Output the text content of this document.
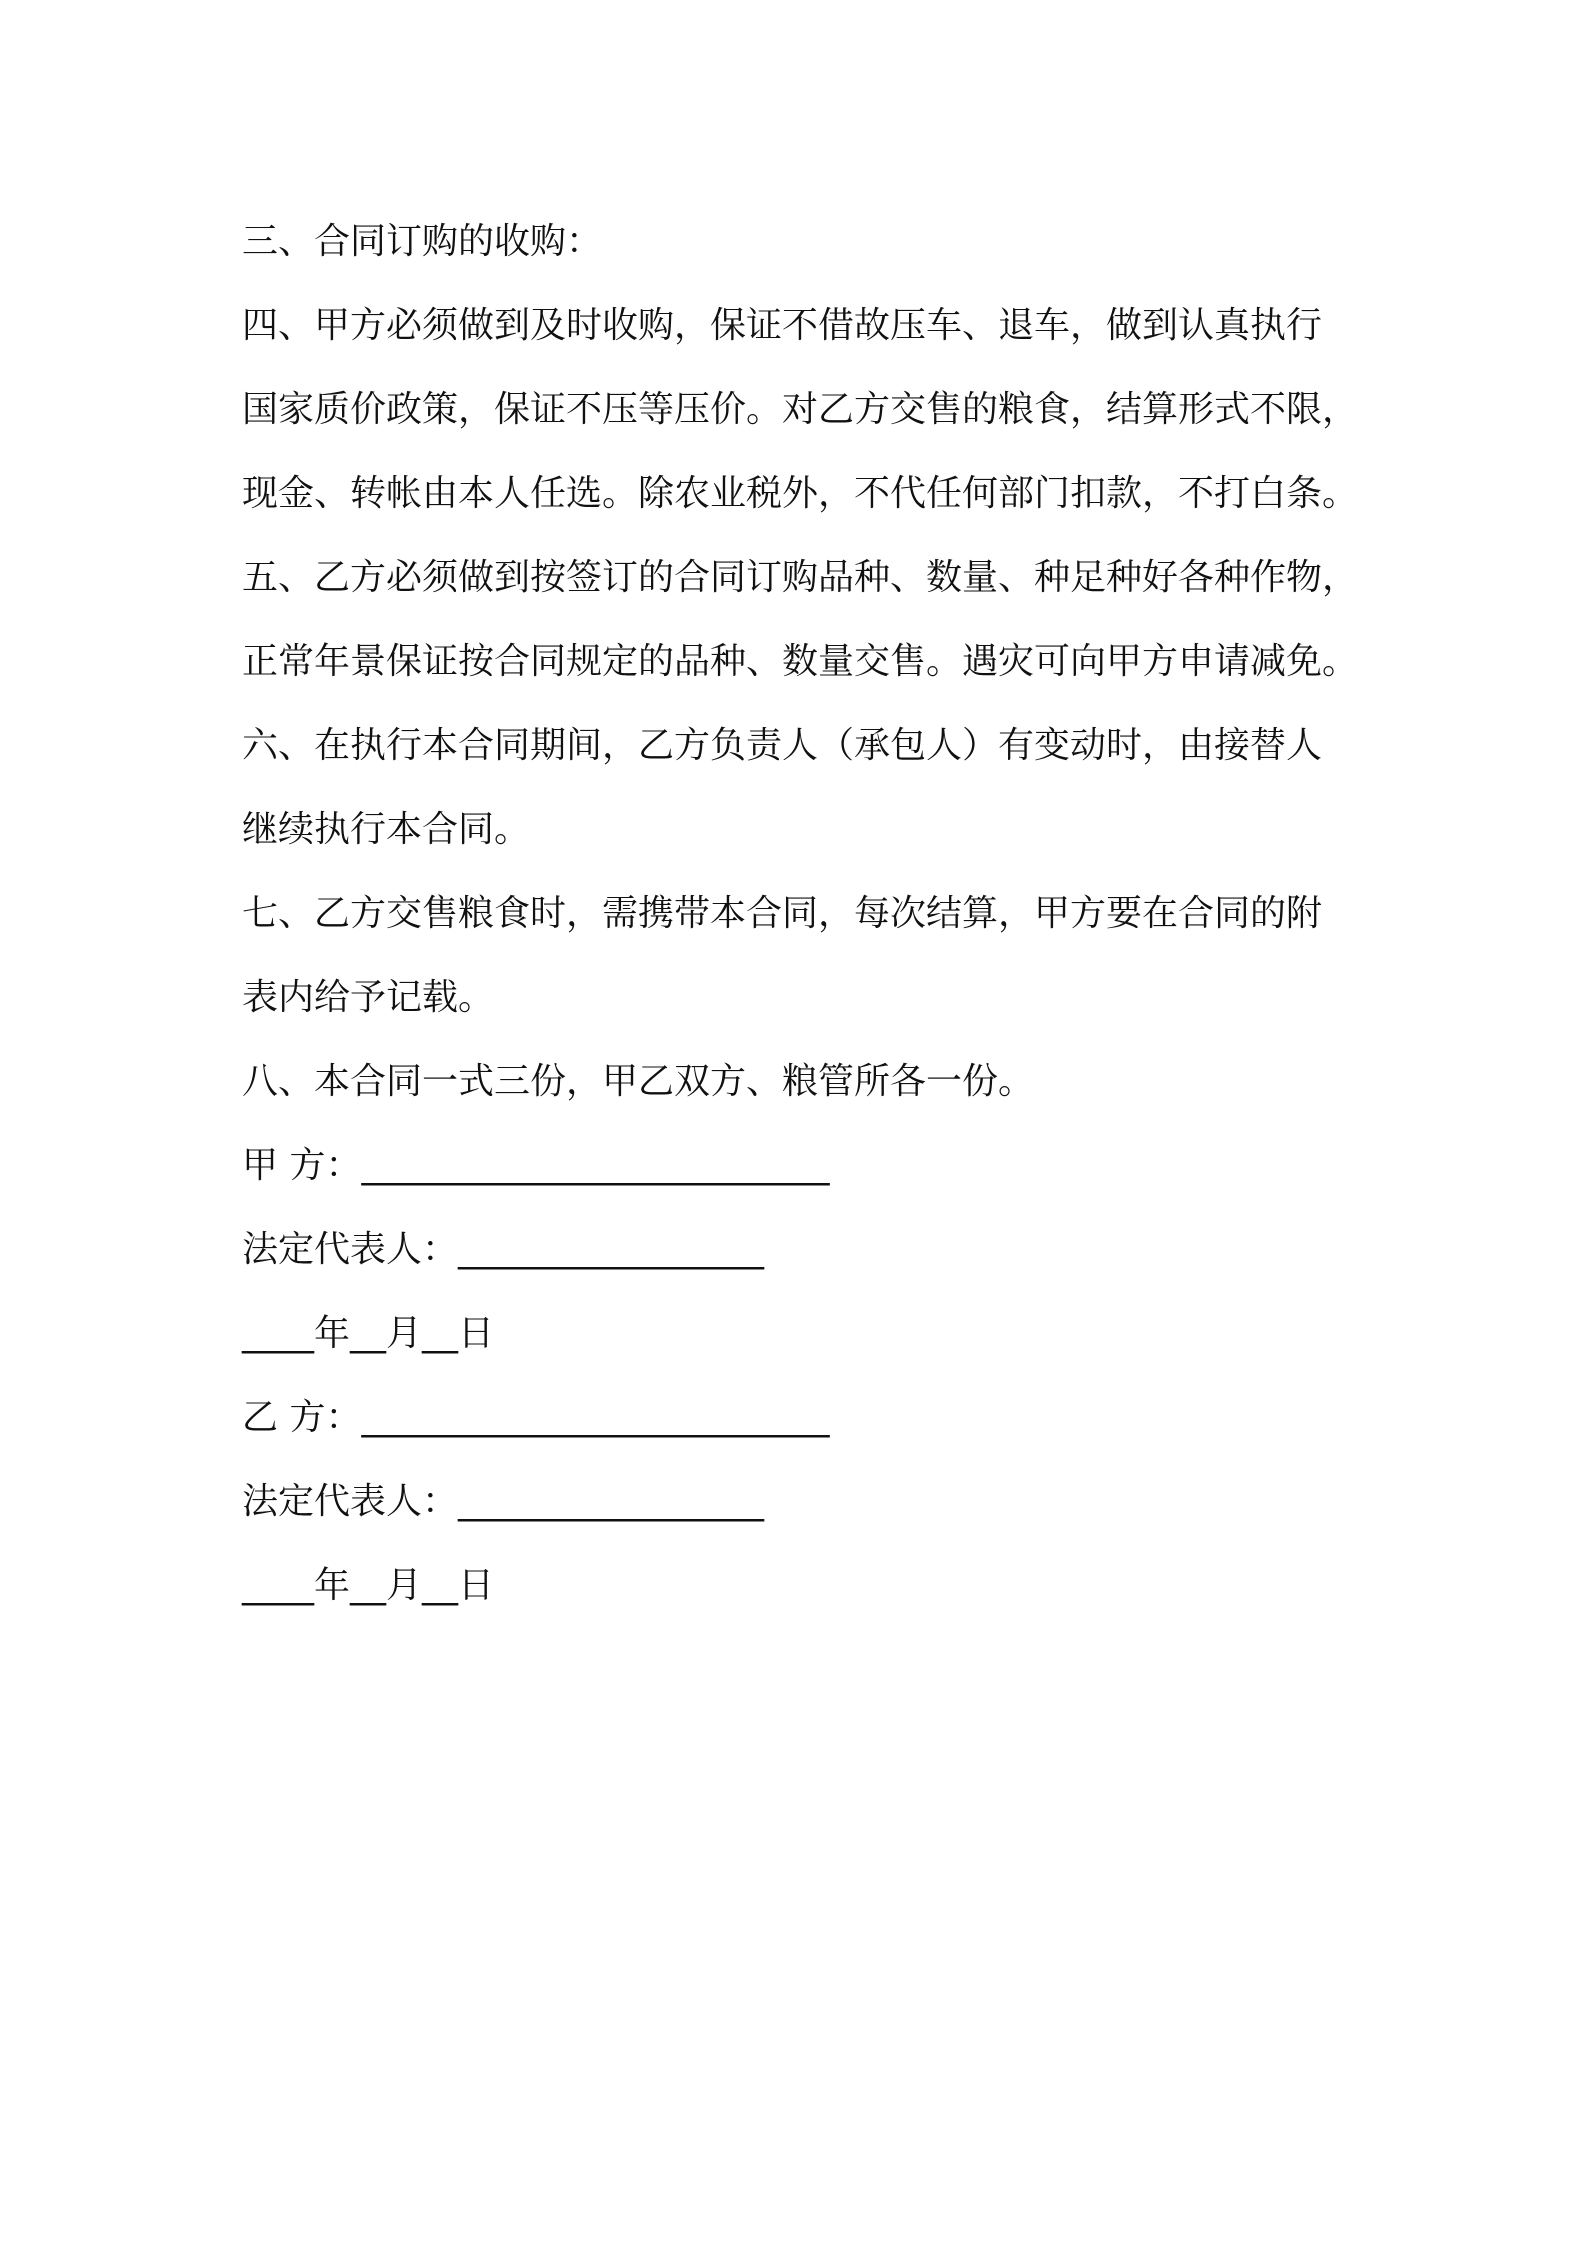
三、合同订购的收购：
四、甲方必须做到及时收购，保证不借故压车、退车，做到认真执行
国家质价政策，保证不压等压价。对乙方交售的粮食，结算形式不限，
现金、转帐由本人任选。除农业税外，不代任何部门扣款，不打白条。
五、乙方必须做到按签订的合同订购品种、数量、种足种好各种作物，
正常年景保证按合同规定的品种、数量交售。遇灾可向甲方申请减免。
六、在执行本合同期间，乙方负责人（承包人）有变动时，由接替人
继续执行本合同。
七、乙方交售粮食时，需携带本合同，每次结算，甲方要在合同的附
表内给予记载。
八、本合同一式三份，甲乙双方、粮管所各一份。
甲 方：__________________________
法定代表人：_________________
____年__月__日
乙 方：__________________________
法定代表人：_________________
____年__月__日
